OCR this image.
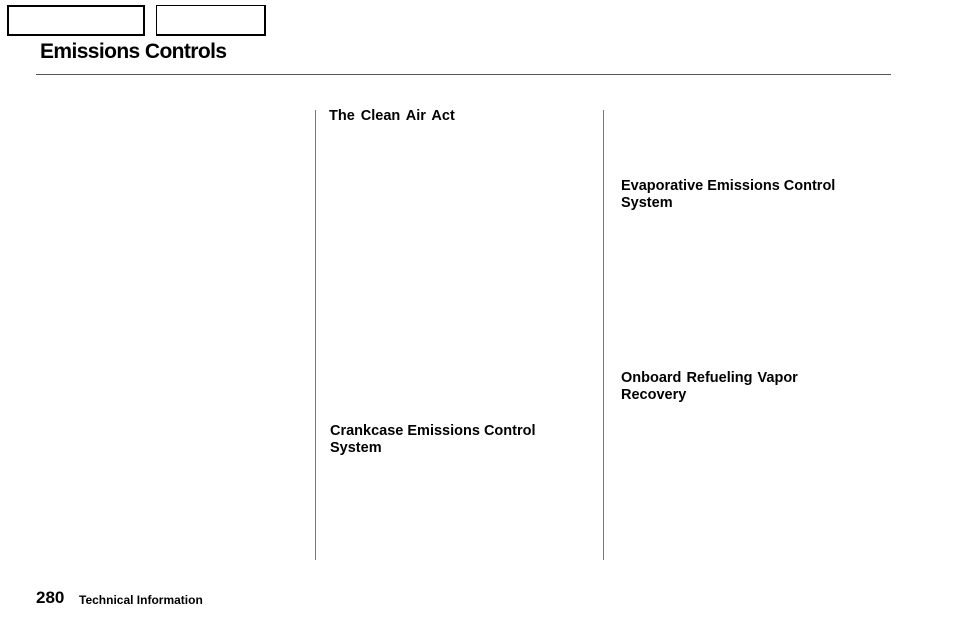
Emissions Controls
The Clean Air Act
Crankcase Emissions Control System
Evaporative Emissions Control System
Onboard Refueling Vapor Recovery
280 Technical Information
